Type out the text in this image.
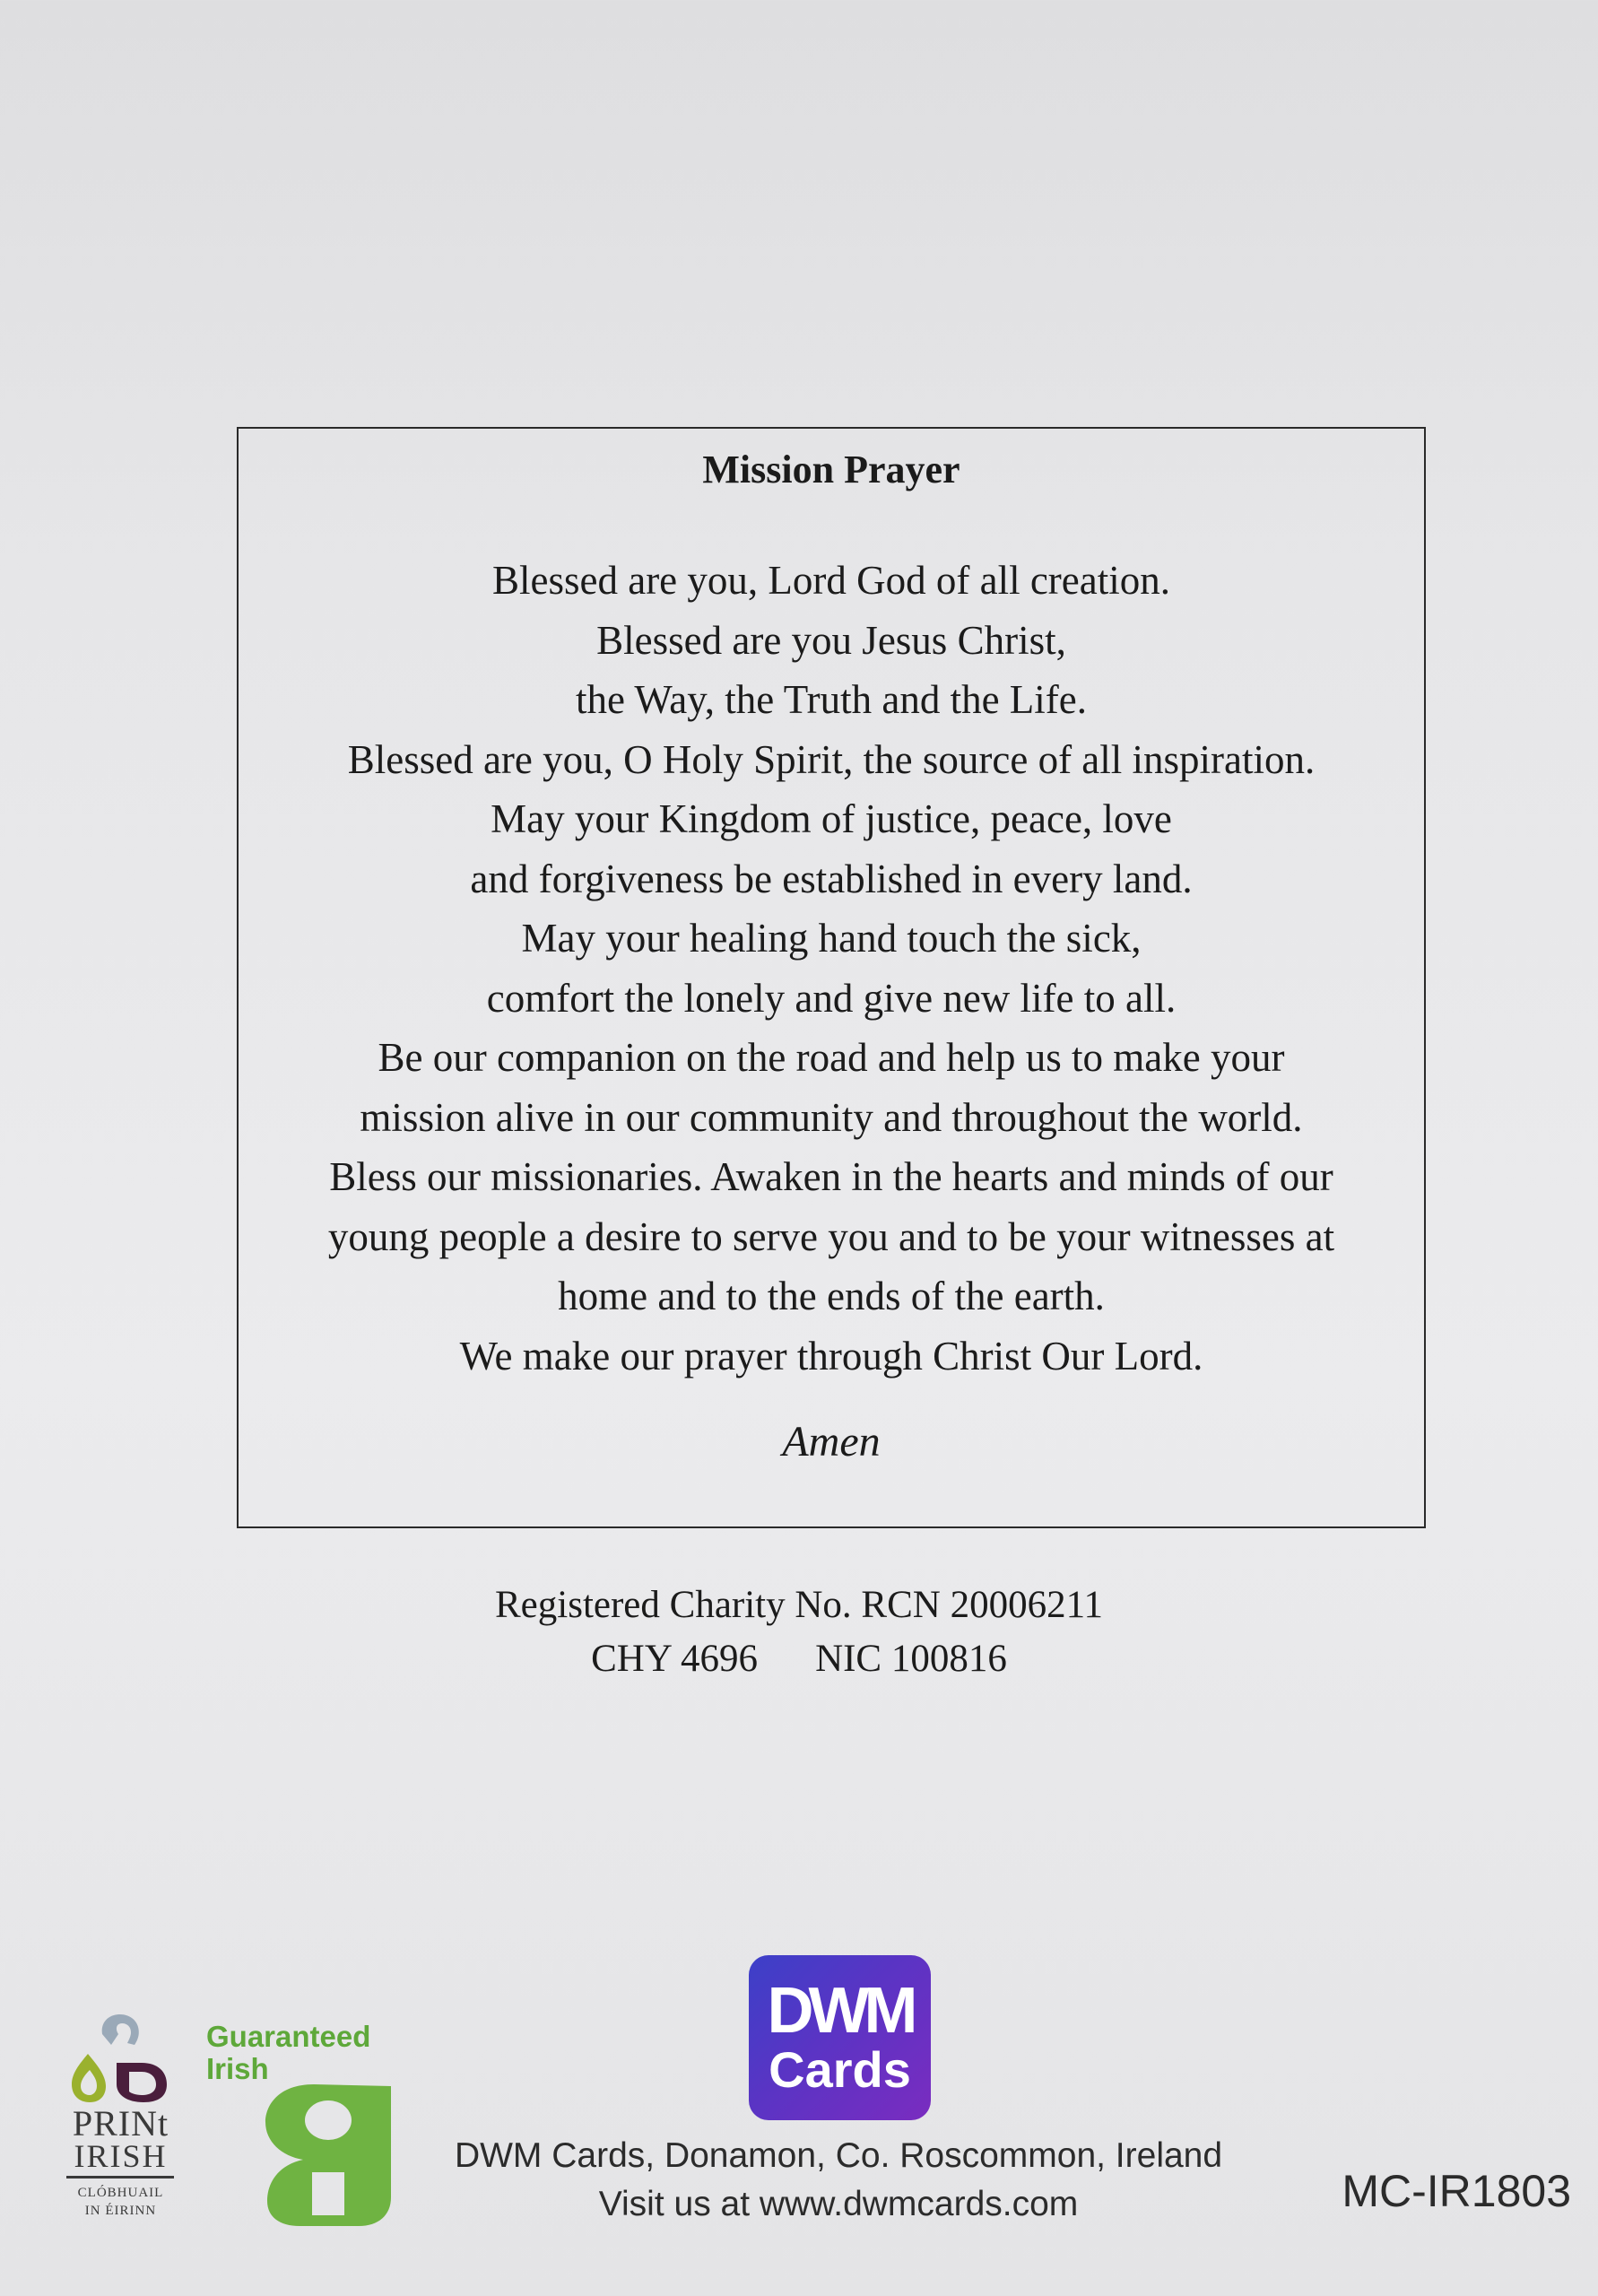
Mission Prayer
Blessed are you, Lord God of all creation.
Blessed are you Jesus Christ,
the Way, the Truth and the Life.
Blessed are you, O Holy Spirit, the source of all inspiration.
May your Kingdom of justice, peace, love
and forgiveness be established in every land.
May your healing hand touch the sick,
comfort the lonely and give new life to all.
Be our companion on the road and help us to make your
mission alive in our community and throughout the world.
Bless our missionaries. Awaken in the hearts and minds of our
young people a desire to serve you and to be your witnesses at
home and to the ends of the earth.
We make our prayer through Christ Our Lord.
Amen
Registered Charity No. RCN 20006211
CHY 4696 NIC 100816
PRINt
IRISH
CLÓBHUAIL
IN ÉIRINN
Guaranteed
Irish
DWM
Cards
DWM Cards, Donamon, Co. Roscommon, Ireland
Visit us at www.dwmcards.com	MC-IR1803
